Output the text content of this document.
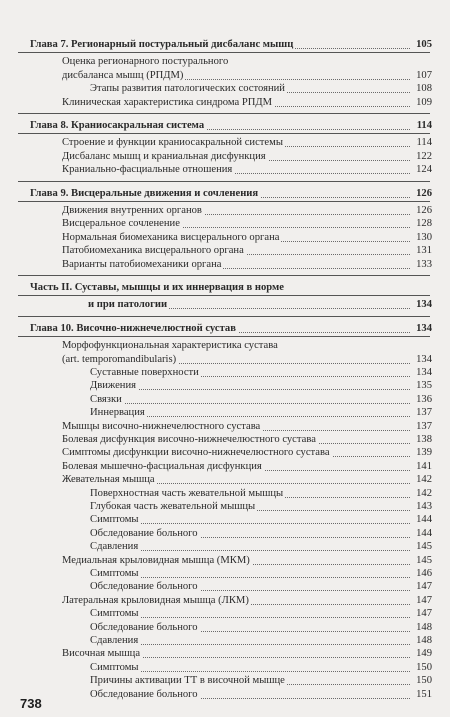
Глава 7. Регионарный постуральный дисбаланс мышц	105
Оценка регионарного постурального
дисбаланса мышц (РПДМ)	107
Этапы развития патологических состояний	108
Клиническая характеристика синдрома РПДМ	109
Глава 8. Краниосакральная система	114
Строение и функции краниосакральной системы	114
Дисбаланс мышц и краниальная дисфункция	122
Краниально-фасциальные отношения	124
Глава 9. Висцеральные движения и сочленения	126
Движения внутренних органов	126
Висцеральное сочленение	128
Нормальная биомеханика висцерального органа	130
Патобиомеханика висцерального органа	131
Варианты патобиомеханики органа	133
Часть II. Суставы, мышцы и их иннервация в норме
и при патологии	134
Глава 10. Височно-нижнечелюстной сустав	134
Морфофункциональная характеристика сустава
(art. temporomandibularis)	134
Суставные поверхности	134
Движения	135
Связки	136
Иннервация	137
Мышцы височно-нижнечелюстного сустава	137
Болевая дисфункция височно-нижнечелюстного сустава	138
Симптомы дисфункции височно-нижнечелюстного сустава	139
Болевая мышечно-фасциальная дисфункция	141
Жевательная мышца	142
Поверхностная часть жевательной мышцы	142
Глубокая часть жевательной мышцы	143
Симптомы	144
Обследование больного	144
Сдавления	145
Медиальная крыловидная мышца (МКМ)	145
Симптомы	146
Обследование больного	147
Латеральная крыловидная мышца (ЛКМ)	147
Симптомы	147
Обследование больного	148
Сдавления	148
Височная мышца	149
Симптомы	150
Причины активации ТТ в височной мышце	150
Обследование больного	151
738
